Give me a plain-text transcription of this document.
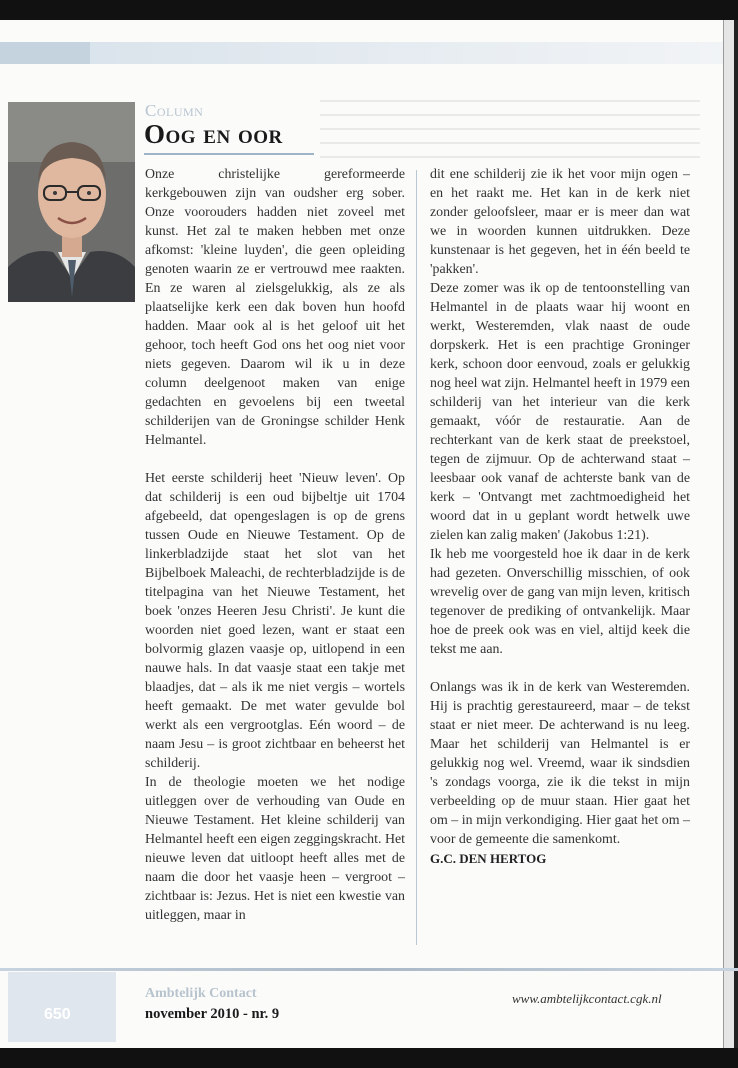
Column
Oog en oor

Onze christelijke gereformeerde kerkgebouwen zijn van oudsher erg sober. Onze voorouders hadden niet zoveel met kunst. Het zal te maken hebben met onze afkomst: 'kleine luyden', die geen opleiding genoten waarin ze er vertrouwd mee raakten. En ze waren al zielsgelukkig, als ze als plaatselijke kerk een dak boven hun hoofd hadden. Maar ook al is het geloof uit het gehoor, toch heeft God ons het oog niet voor niets gegeven. Daarom wil ik u in deze column deelgenoot maken van enige gedachten en gevoelens bij een tweetal schilderijen van de Groningse schilder Henk Helmantel.

Het eerste schilderij heet 'Nieuw leven'. Op dat schilderij is een oud bijbeltje uit 1704 afgebeeld, dat opengeslagen is op de grens tussen Oude en Nieuwe Testament. Op de linkerbladzijde staat het slot van het Bijbelboek Maleachi, de rechterbladzijde is de titelpagina van het Nieuwe Testament, het boek 'onzes Heeren Jesu Christi'. Je kunt die woorden niet goed lezen, want er staat een bolvormig glazen vaasje op, uitlopend in een nauwe hals. In dat vaasje staat een takje met blaadjes, dat – als ik me niet vergis – wortels heeft gemaakt. De met water gevulde bol werkt als een vergrootglas. Eén woord – de naam Jesu – is groot zichtbaar en beheerst het schilderij.

In de theologie moeten we het nodige uitleggen over de verhouding van Oude en Nieuwe Testament. Het kleine schilderij van Helmantel heeft een eigen zeggingskracht. Het nieuwe leven dat uitloopt heeft alles met de naam die door het vaasje heen – vergroot – zichtbaar is: Jezus. Het is niet een kwestie van uitleggen, maar in

dit ene schilderij zie ik het voor mijn ogen – en het raakt me. Het kan in de kerk niet zonder geloofsleer, maar er is meer dan wat we in woorden kunnen uitdrukken. Deze kunstenaar is het gegeven, het in één beeld te 'pakken'.

Deze zomer was ik op de tentoonstelling van Helmantel in de plaats waar hij woont en werkt, Westeremden, vlak naast de oude dorpskerk. Het is een prachtige Groninger kerk, schoon door eenvoud, zoals er gelukkig nog heel wat zijn. Helmantel heeft in 1979 een schilderij van het interieur van die kerk gemaakt, vóór de restauratie. Aan de rechterkant van de kerk staat de preekstoel, tegen de zijmuur. Op de achterwand staat – leesbaar ook vanaf de achterste bank van de kerk – 'Ontvangt met zachtmoedigheid het woord dat in u geplant wordt hetwelk uwe zielen kan zalig maken' (Jakobus 1:21).

Ik heb me voorgesteld hoe ik daar in de kerk had gezeten. Onverschillig misschien, of ook wrevelig over de gang van mijn leven, kritisch tegenover de prediking of ontvankelijk. Maar hoe de preek ook was en viel, altijd keek die tekst me aan.

Onlangs was ik in de kerk van Westeremden. Hij is prachtig gerestaureerd, maar – de tekst staat er niet meer. De achterwand is nu leeg. Maar het schilderij van Helmantel is er gelukkig nog wel. Vreemd, waar ik sindsdien 's zondags voorga, zie ik die tekst in mijn verbeelding op de muur staan. Hier gaat het om – in mijn verkondiging. Hier gaat het om – voor de gemeente die samenkomt.

G.C. DEN HERTOG

650
Ambtelijk Contact
november 2010 - nr. 9
www.ambtelijkcontact.cgk.nl
